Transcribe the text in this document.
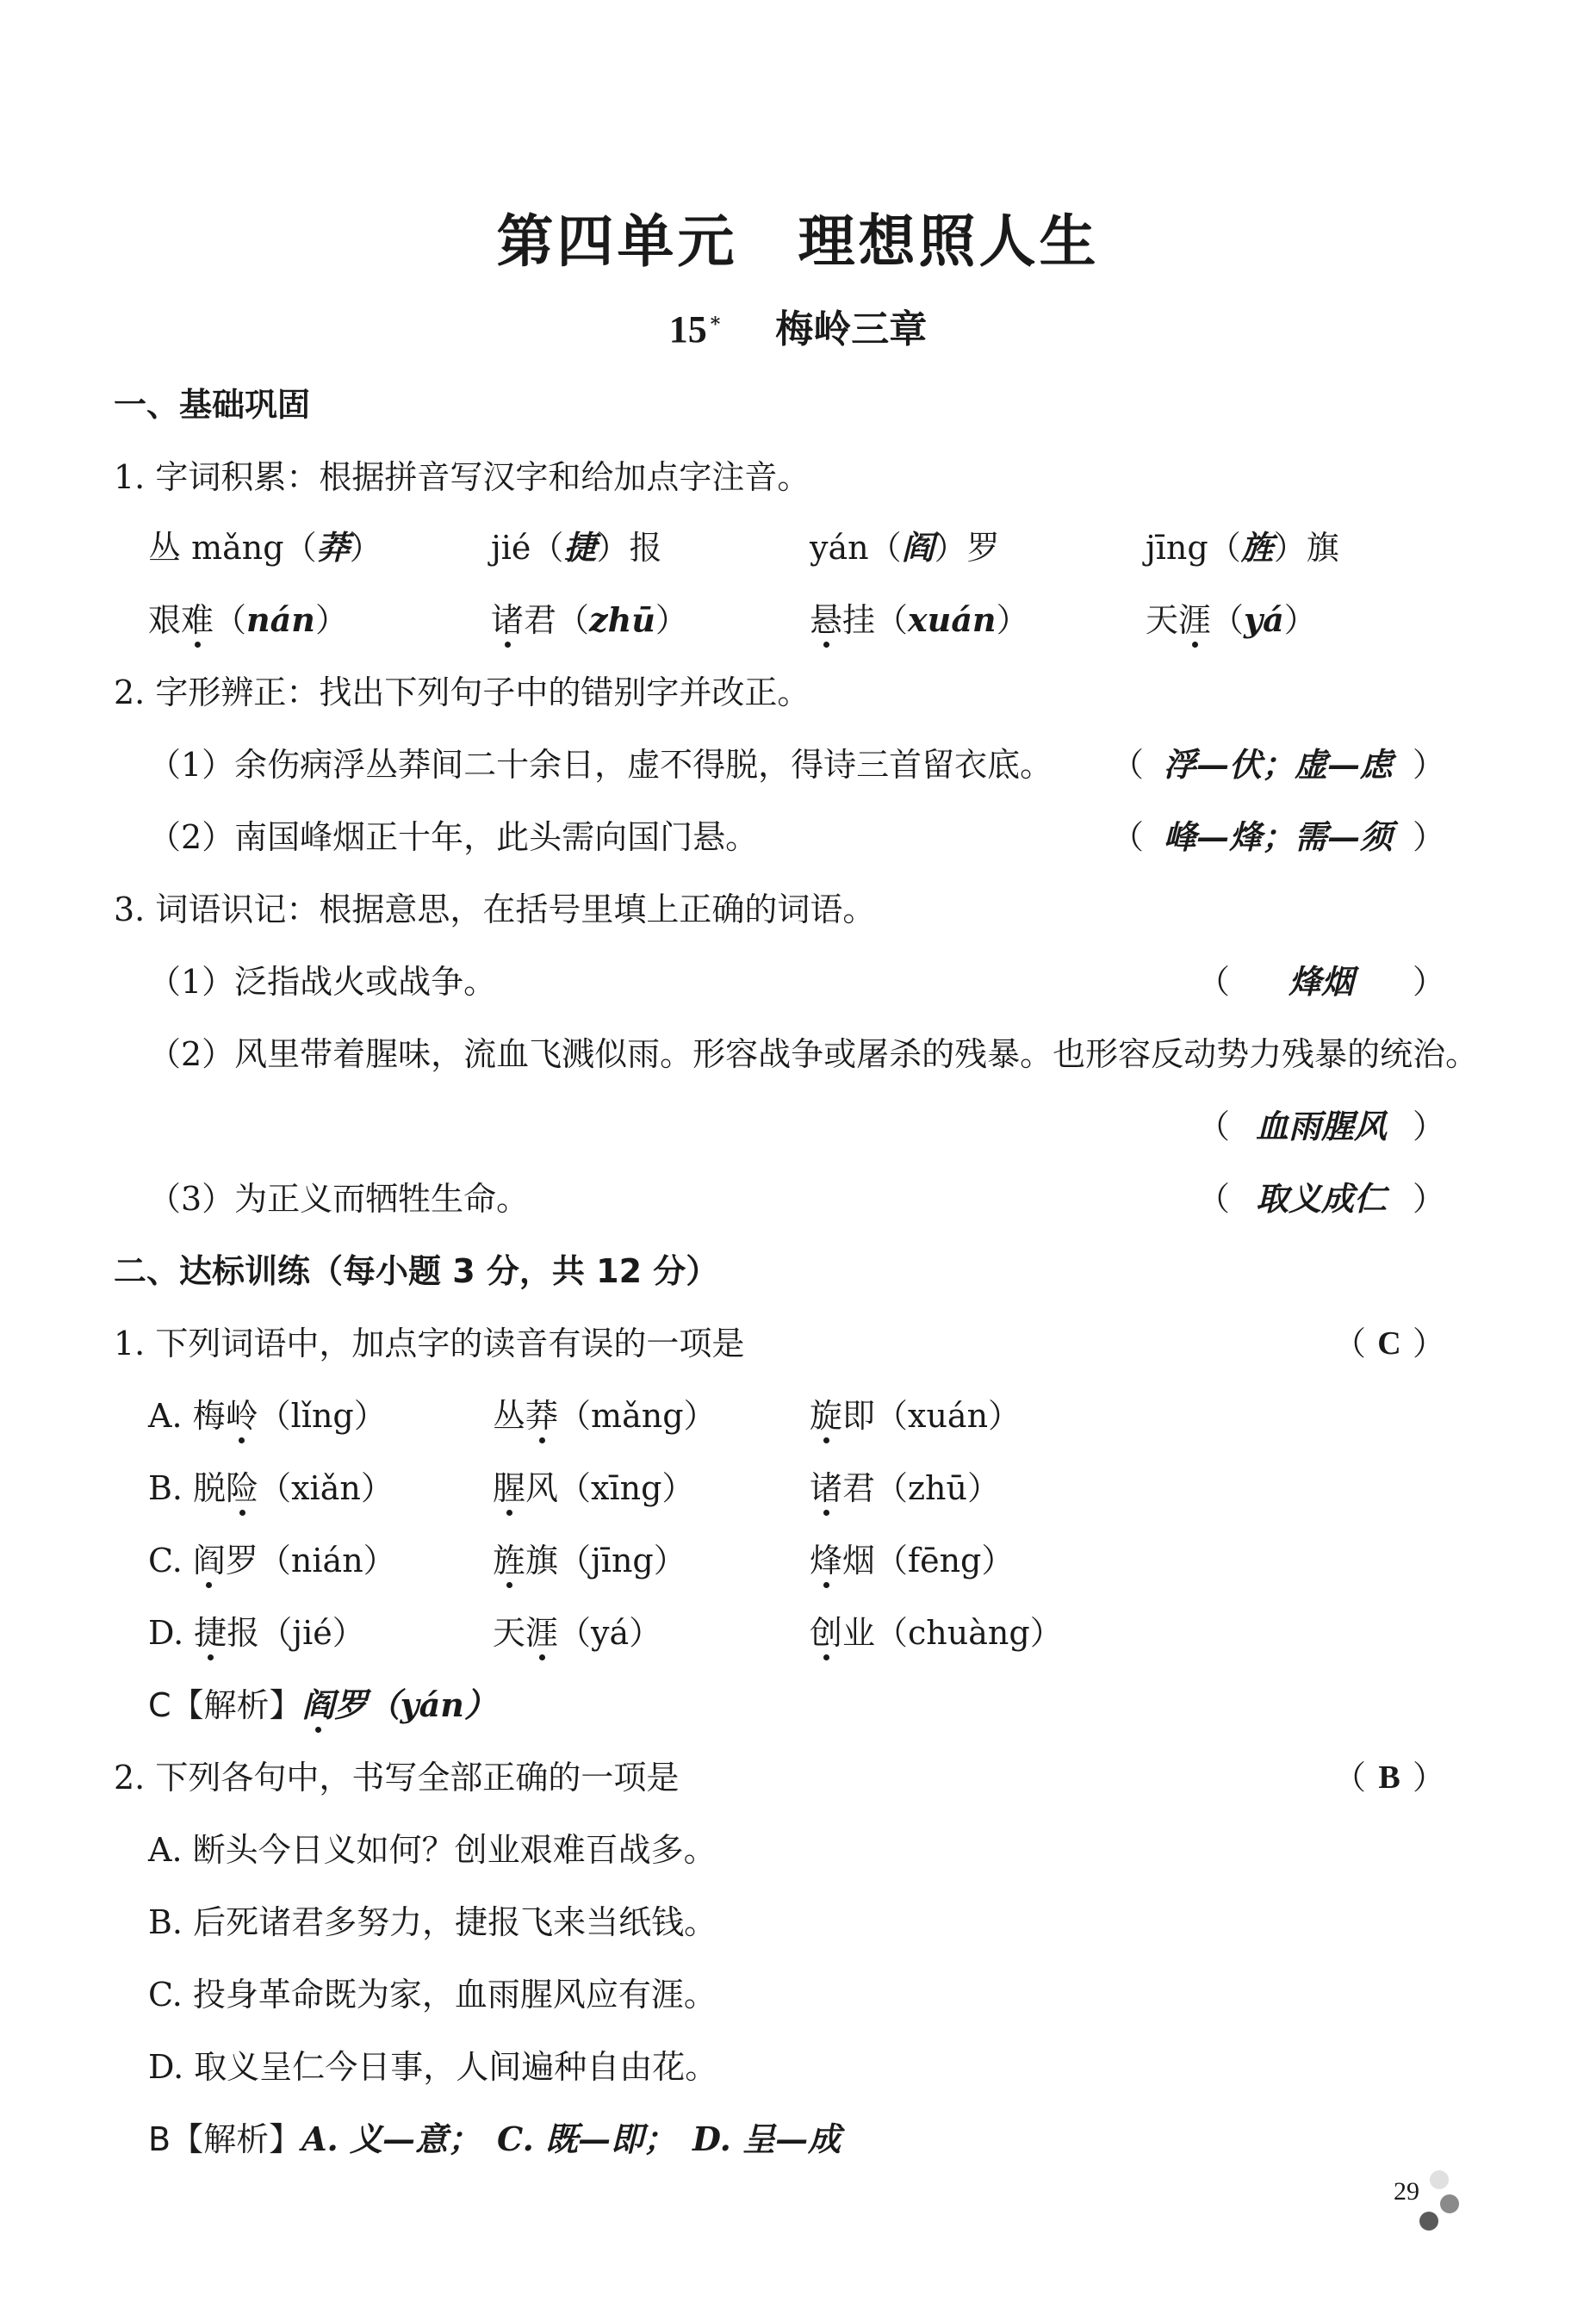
第四单元　理想照人生
15 * 梅岭三章
一、基础巩固
1. 字词积累：根据拼音写汉字和给加点字注音。
丛 mǎng（莽）	jié（捷）报	yán（阎）罗	jīng（旌）旗
艰难（nán）	诸君（zhū）	悬挂（xuán）	天涯（yá）
2. 字形辨正：找出下列句子中的错别字并改正。
（1）余伤病浮丛莽间二十余日，虚不得脱，得诗三首留衣底。 （ 浮—伏；虚—虑 ）
（2）南国峰烟正十年，此头需向国门悬。	（ 峰—烽；需—须 ）
3. 词语识记：根据意思，在括号里填上正确的词语。
（1）泛指战火或战争。	（	烽烟	）
（2）风里带着腥味，流血飞溅似雨。形容战争或屠杀的残暴。也形容反动势力残暴的统治。
（ 血雨腥风 ）
（3）为正义而牺牲生命。	（ 取义成仁 ）
二、达标训练（每小题 3 分，共 12 分）
1. 下列词语中，加点字的读音有误的一项是	（ C ）
A. 梅岭（lǐng）	丛莽（mǎng）	旋即（xuán）
B. 脱险（xiǎn）	腥风（xīng）	诸君（zhū）
C. 阎罗（nián）	旌旗（jīng）	烽烟（fēng）
D. 捷报（jié）	天涯（yá）	创业（chuàng）
C【解析】阎罗（yán）
2. 下列各句中，书写全部正确的一项是	（ B ）
A. 断头今日义如何？创业艰难百战多。
B. 后死诸君多努力，捷报飞来当纸钱。
C. 投身革命既为家，血雨腥风应有涯。
D. 取义呈仁今日事，人间遍种自由花。
B【解析】A. 义—意；　C. 既—即；　D. 呈—成
29
